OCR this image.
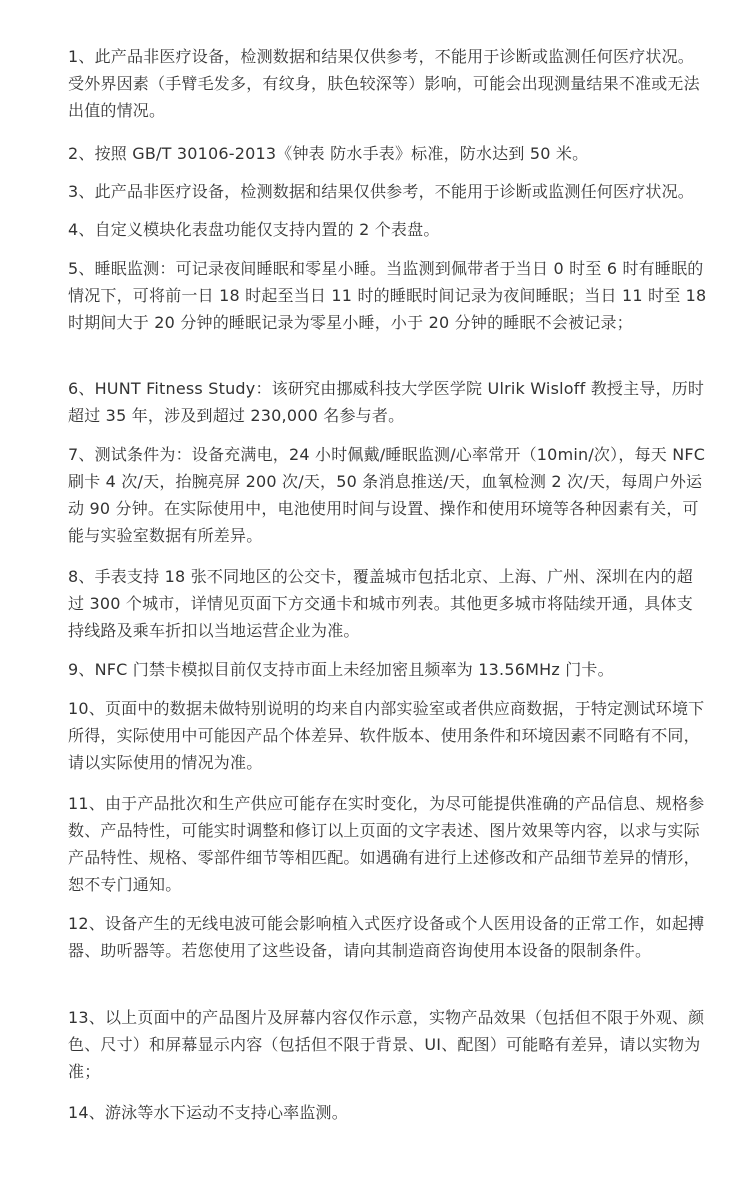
1、此产品非医疗设备，检测数据和结果仅供参考，不能用于诊断或监测任何医疗状况。受外界因素（手臂毛发多，有纹身，肤色较深等）影响，可能会出现测量结果不准或无法出值的情况。

2、按照 GB/T 30106-2013《钟表 防水手表》标准，防水达到 50 米。

3、此产品非医疗设备，检测数据和结果仅供参考，不能用于诊断或监测任何医疗状况。

4、自定义模块化表盘功能仅支持内置的 2 个表盘。

5、睡眠监测：可记录夜间睡眠和零星小睡。当监测到佩带者于当日 0 时至 6 时有睡眠的情况下，可将前一日 18 时起至当日 11 时的睡眠时间记录为夜间睡眠；当日 11 时至 18 时期间大于 20 分钟的睡眠记录为零星小睡，小于 20 分钟的睡眠不会被记录；

6、HUNT Fitness Study：该研究由挪威科技大学医学院 Ulrik Wisloff 教授主导，历时超过 35 年，涉及到超过 230,000 名参与者。

7、测试条件为：设备充满电，24 小时佩戴/睡眠监测/心率常开（10min/次），每天 NFC 刷卡 4 次/天，抬腕亮屏 200 次/天，50 条消息推送/天，血氧检测 2 次/天，每周户外运动 90 分钟。在实际使用中，电池使用时间与设置、操作和使用环境等各种因素有关，可能与实验室数据有所差异。

8、手表支持 18 张不同地区的公交卡，覆盖城市包括北京、上海、广州、深圳在内的超过 300 个城市，详情见页面下方交通卡和城市列表。其他更多城市将陆续开通，具体支持线路及乘车折扣以当地运营企业为准。

9、NFC 门禁卡模拟目前仅支持市面上未经加密且频率为 13.56MHz 门卡。

10、页面中的数据未做特别说明的均来自内部实验室或者供应商数据，于特定测试环境下所得，实际使用中可能因产品个体差异、软件版本、使用条件和环境因素不同略有不同，请以实际使用的情况为准。

11、由于产品批次和生产供应可能存在实时变化，为尽可能提供准确的产品信息、规格参数、产品特性，可能实时调整和修订以上页面的文字表述、图片效果等内容，以求与实际产品特性、规格、零部件细节等相匹配。如遇确有进行上述修改和产品细节差异的情形，恕不专门通知。

12、设备产生的无线电波可能会影响植入式医疗设备或个人医用设备的正常工作，如起搏器、助听器等。若您使用了这些设备，请向其制造商咨询使用本设备的限制条件。

13、以上页面中的产品图片及屏幕内容仅作示意，实物产品效果（包括但不限于外观、颜色、尺寸）和屏幕显示内容（包括但不限于背景、UI、配图）可能略有差异，请以实物为准；

14、游泳等水下运动不支持心率监测。
